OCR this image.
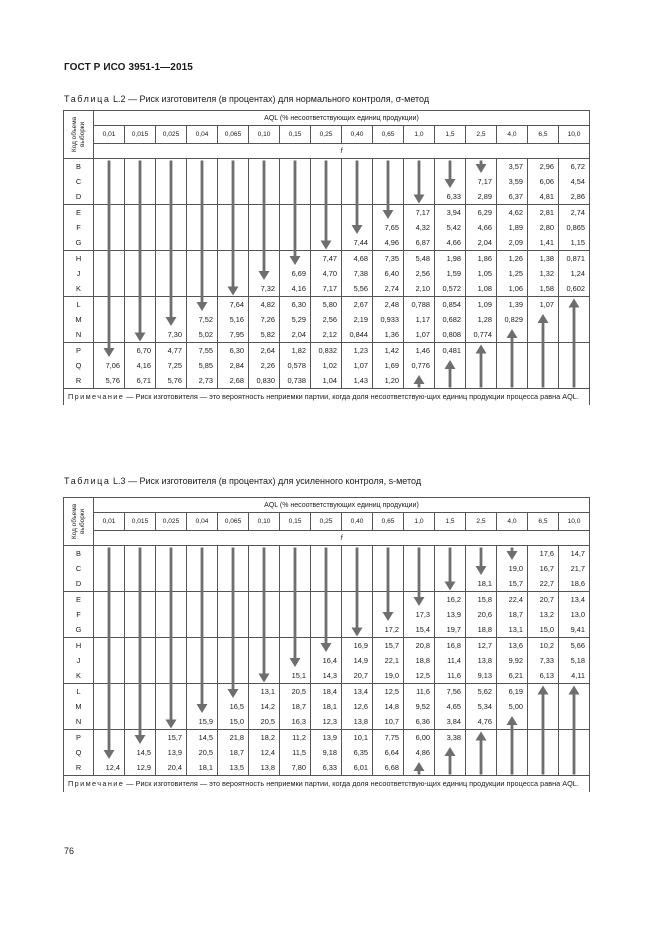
ГОСТ Р ИСО 3951-1—2015
Таблица L.2 — Риск изготовителя (в процентах) для нормального контроля, σ-метод
Код объема выборки	AQL (% несоответствующих единиц продукции)															
	0,01	0,015	0,025	0,04	0,065	0,10	0,15	0,25	0,40	0,65	1,0	1,5	2,5	4,0	6,5	10,0
	f															
B														3,57	2,96	6,72
C													7,17	3,59	6,06	4,54
D												6,33	2,89	6,37	4,81	2,86
E											7,17	3,94	6,29	4,62	2,81	2,74
F										7,65	4,32	5,42	4,66	1,89	2,80	0,865
G									7,44	4,96	6,87	4,66	2,04	2,09	1,41	1,15
H								7,47	4,68	7,35	5,48	1,98	1,86	1,26	1,38	0,871
J							6,69	4,70	7,38	6,40	2,56	1,59	1,05	1,25	1,32	1,24
K						7,32	4,16	7,17	5,56	2,74	2,10	0,572	1,08	1,06	1,58	0,602
L					7,64	4,82	6,30	5,80	2,67	2,48	0,788	0,854	1,09	1,39	1,07	
M				7,52	5,16	7,26	5,29	2,56	2,19	0,933	1,17	0,682	1,28	0,829		
N			7,30	5,02	7,95	5,82	2,04	2,12	0,844	1,36	1,07	0,808	0,774			
P		6,70	4,77	7,55	6,30	2,64	1,82	0,832	1,23	1,42	1,46	0,481				
Q	7,06	4,16	7,25	5,85	2,84	2,26	0,578	1,02	1,07	1,69	0,776					
R	5,76	6,71	5,76	2,73	2,68	0,830	0,738	1,04	1,43	1,20						
Примечание — Риск изготовителя — это вероятность неприемки партии, когда доля несоответствую-щих единиц продукции процесса равна AQL.																
Таблица L.3 — Риск изготовителя (в процентах) для усиленного контроля, s-метод
Код объема выборки	AQL (% несоответствующих единиц продукции)															
	0,01	0,015	0,025	0,04	0,065	0,10	0,15	0,25	0,40	0,65	1,0	1,5	2,5	4,0	6,5	10,0
	f															
B															17,6	14,7
C														19,0	16,7	21,7
D													18,1	15,7	22,7	18,6
E												16,2	15,8	22,4	20,7	13,4
F											17,3	13,9	20,6	18,7	13,2	13,0
G										17,2	15,4	19,7	18,8	13,1	15,0	9,41
H									16,9	15,7	20,8	16,8	12,7	13,6	10,2	5,66
J								16,4	14,9	22,1	18,8	11,4	13,8	9,92	7,33	5,18
K							15,1	14,3	20,7	19,0	12,5	11,6	9,13	6,21	6,13	4,11
L						13,1	20,5	18,4	13,4	12,5	11,6	7,56	5,62	6,19		
M					16,5	14,2	18,7	18,1	12,6	14,8	9,52	4,65	5,34	5,00		
N				15,9	15,0	20,5	16,3	12,3	13,8	10,7	6,36	3,84	4,76			
P			15,7	14,5	21,8	18,2	11,2	13,9	10,1	7,75	6,00	3,38				
Q		14,5	13,9	20,5	18,7	12,4	11,5	9,18	6,35	6,64	4,86					
R	12,4	12,9	20,4	18,1	13,5	13,8	7,80	6,33	6,01	6,68						
Примечание — Риск изготовителя — это вероятность неприемки партии, когда доля несоответствую-щих единиц продукции процесса равна AQL.																
76
